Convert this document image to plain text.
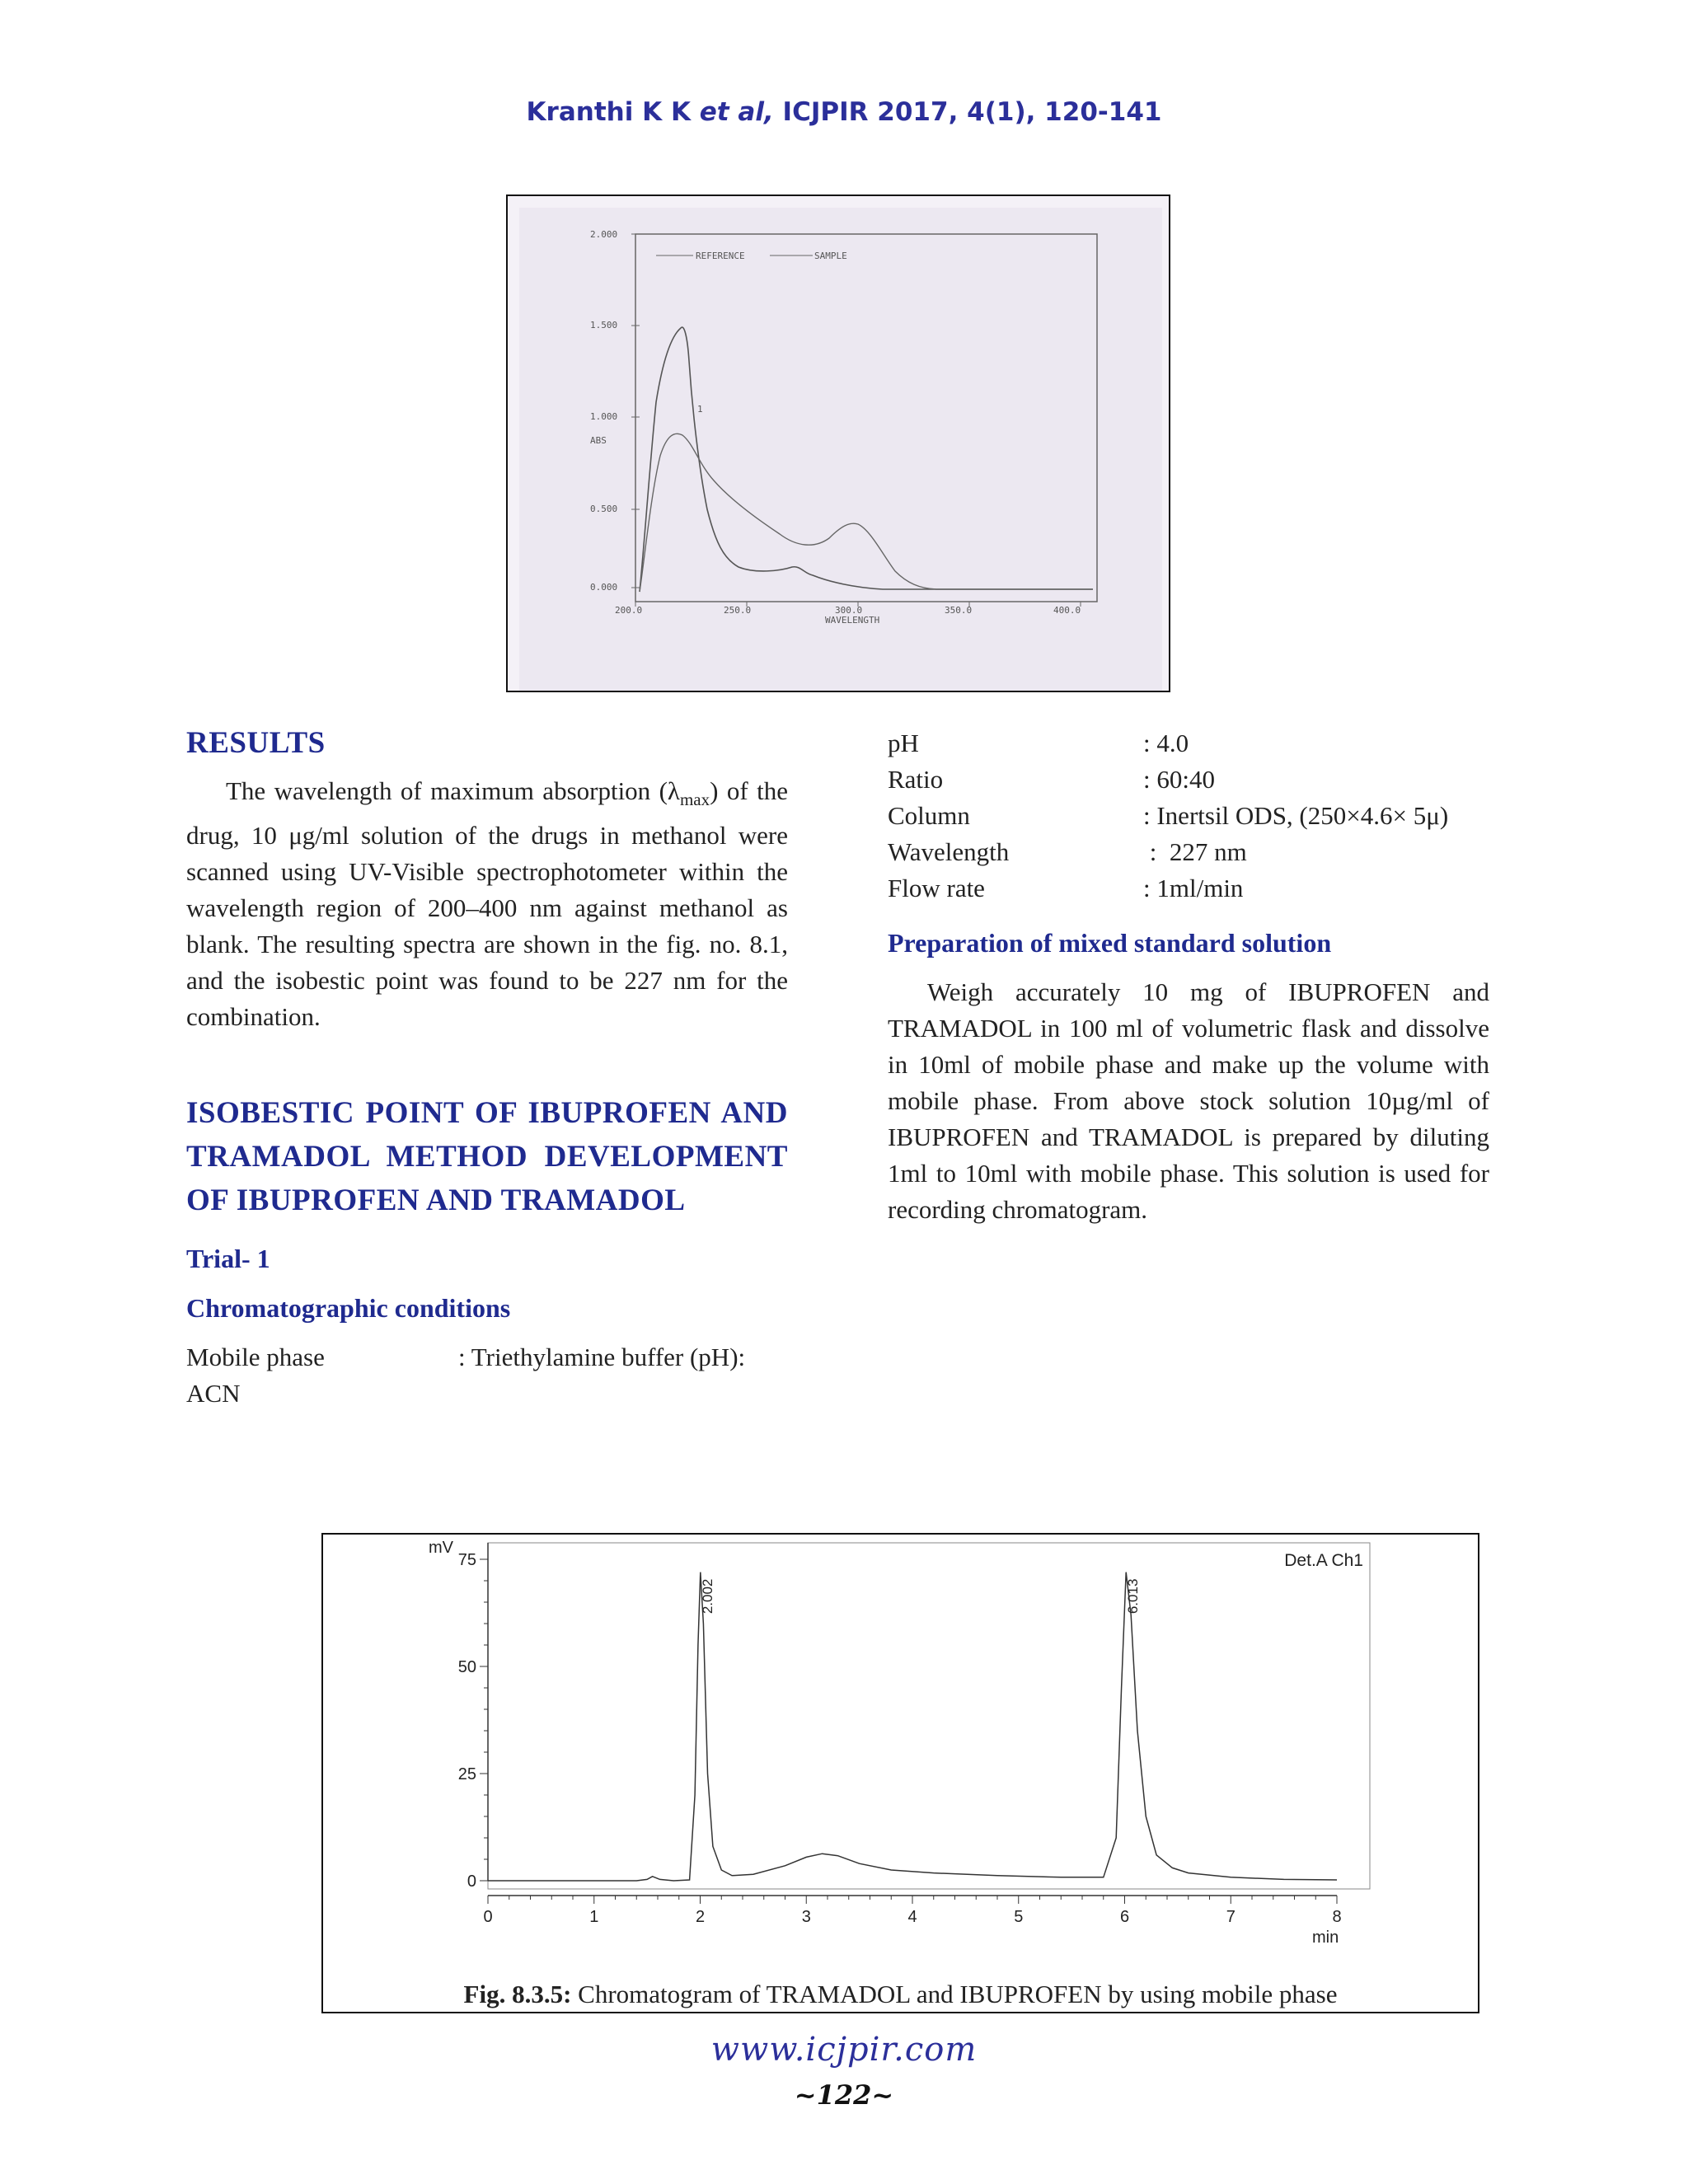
Kranthi K K et al, ICJPIR 2017, 4(1), 120-141
2.000
1.500
1.000
ABS
0.500
0.000
200.0	250.0	300.0
WAVELENGTH
350.0	400.0
REFERENCE	SAMPLE
1
RESULTS

The wavelength of maximum absorption $(\lambda_{max})$ of the drug, 10 μg/ml solution of the drugs in methanol were scanned using UV-Visible spectrophotometer within the wavelength region of 200–400 nm against methanol as blank. The resulting spectra are shown in the fig. no. 8.1, and the isobestic point was found to be 227 nm for the combination.

ISOBESTIC POINT OF IBUPROFEN AND TRAMADOL METHOD DEVELOPMENT OF IBUPROFEN AND TRAMADOL
Trial- 1
Chromatographic conditions
Mobile phase	: Triethylamine buffer (pH):
ACN
pH	: 4.0
Ratio	: 60:40
Column	: Inertsil ODS, (250×4.6× 5μ)
Wavelength	:  227 nm
Flow rate	: 1ml/min
Preparation of mixed standard solution

Weigh accurately 10 mg of IBUPROFEN and TRAMADOL in 100 ml of volumetric flask and dissolve in 10ml of mobile phase and make up the volume with mobile phase. From above stock solution 10µg/ml of IBUPROFEN and TRAMADOL is prepared by diluting 1ml to 10ml with mobile phase. This solution is used for recording chromatogram.

0
25
50
75
0	1	2	3	4	5	6	7	8
mV
min
Det.A Ch1
2.002	6.013
Fig. 8.3.5: Chromatogram of TRAMADOL and IBUPROFEN by using mobile phase
www.icjpir.com
~122~
